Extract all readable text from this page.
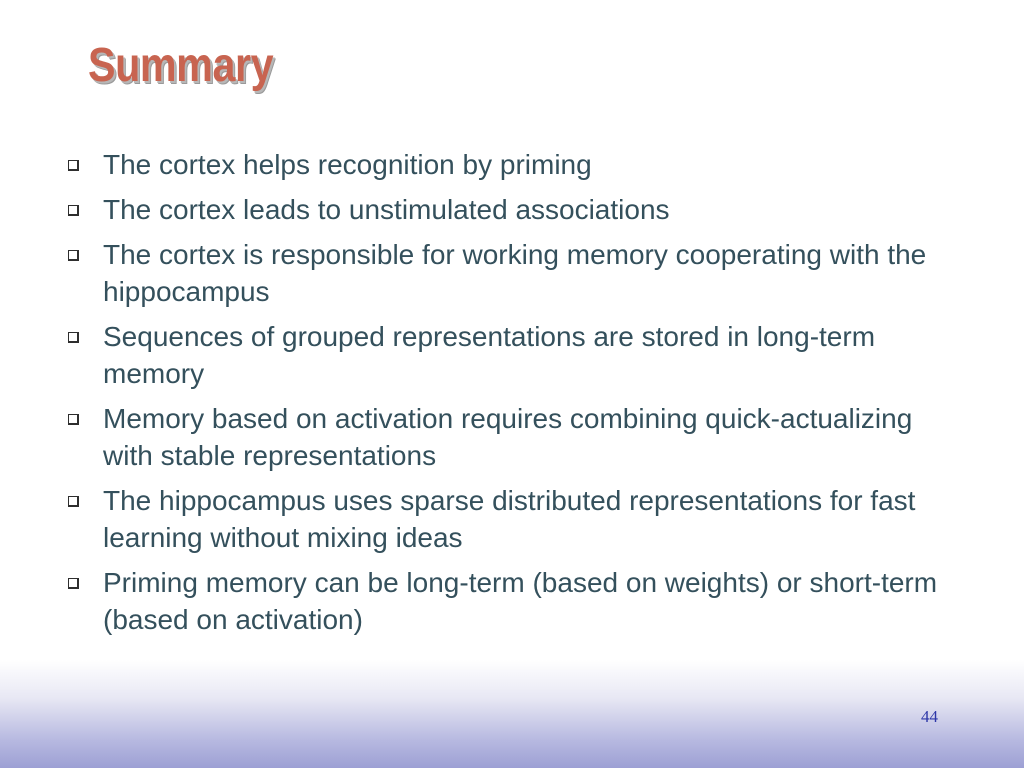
Summary
The cortex helps recognition by priming
The cortex leads to unstimulated associations
The cortex is responsible for working memory cooperating with the hippocampus
Sequences of grouped representations are stored in long-term memory
Memory based on activation requires combining quick-actualizing with stable representations
The hippocampus uses sparse distributed representations for fast learning without mixing ideas
Priming memory can be long-term (based on weights) or short-term (based on activation)
44
